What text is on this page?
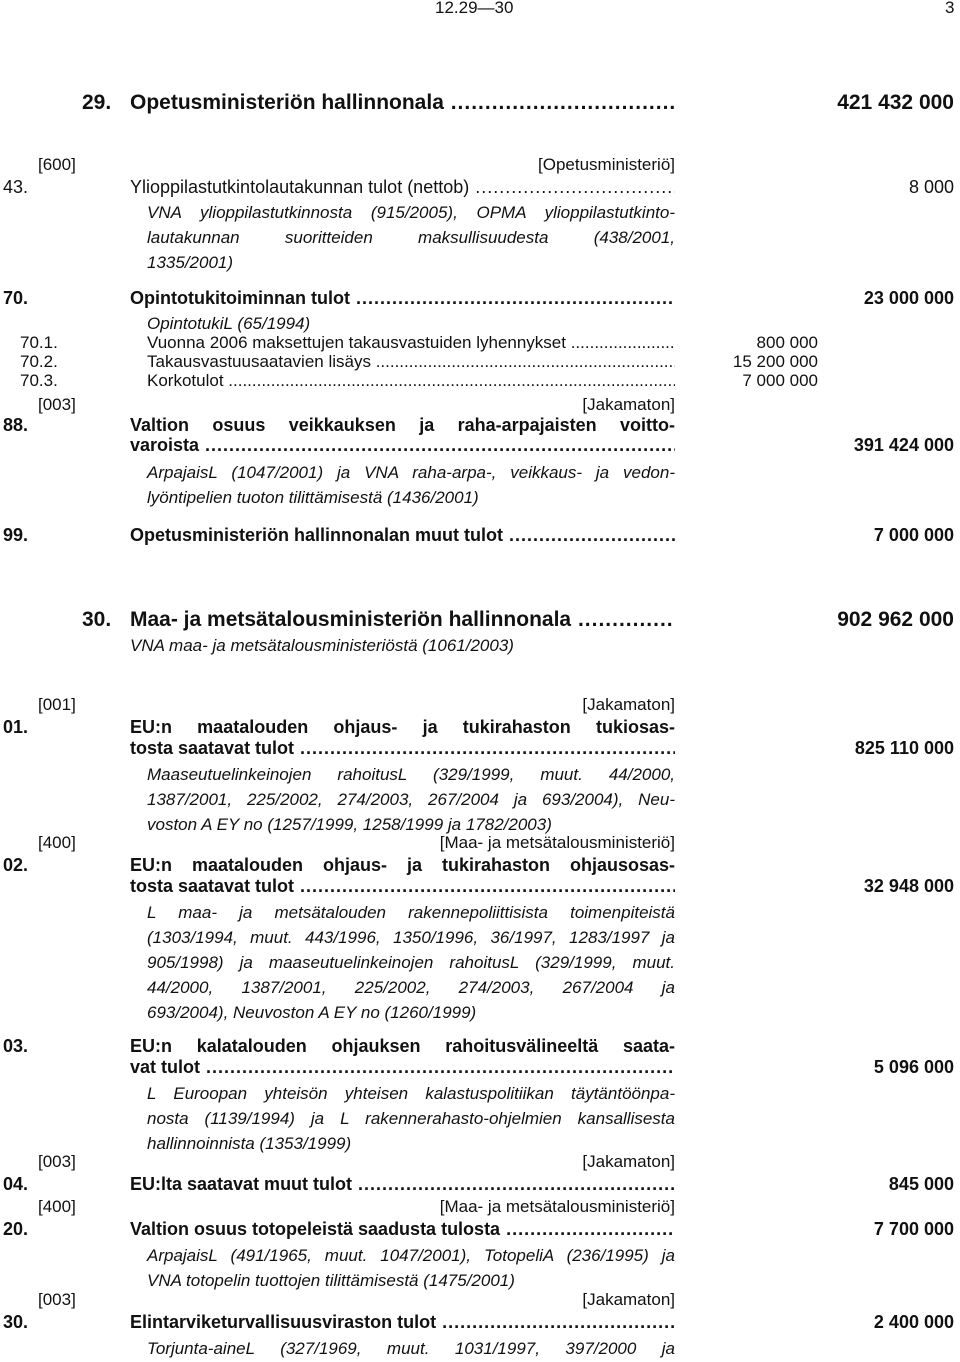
12.29—30	3
29. Opetusministeriön hallinnonala .....	421 432 000
[600]	[Opetusministeriö]
43.	Ylioppilastutkintolautakunnan tulot (nettob) .....	8 000
VNA ylioppilastutkinnosta (915/2005), OPMA ylioppilastutkinto-
lautakunnan suoritteiden maksullisuudesta (438/2001,
1335/2001)
70.	Opintotukitoiminnan tulot .....	23 000 000
OpintotukiL (65/1994)
70.1.	Vuonna 2006 maksettujen takausvastuiden lyhennykset .....	800 000
70.2.	Takausvastuusaatavien lisäys .....	15 200 000
70.3.	Korkotulot .....	7 000 000
[003]	[Jakamaton]
88.	Valtion osuus veikkauksen ja raha-arpajaisten voitto-
varoista .....	391 424 000
ArpajaisL (1047/2001) ja VNA raha-arpa-, veikkaus- ja vedon-
lyöntipelien tuoton tilittämisestä (1436/2001)
99.	Opetusministeriön hallinnonalan muut tulot .....	7 000 000
30. Maa- ja metsätalousministeriön hallinnonala .....	902 962 000
VNA maa- ja metsätalousministeriöstä (1061/2003)
[001]	[Jakamaton]
01.	EU:n maatalouden ohjaus- ja tukirahaston tukiosas-
tosta saatavat tulot .....	825 110 000
Maaseutuelinkeinojen rahoitusL (329/1999, muut. 44/2000,
1387/2001, 225/2002, 274/2003, 267/2004 ja 693/2004), Neu-
voston A EY no (1257/1999, 1258/1999 ja 1782/2003)
[400]	[Maa- ja metsätalousministeriö]
02.	EU:n maatalouden ohjaus- ja tukirahaston ohjausosas-
tosta saatavat tulot .....	32 948 000
L maa- ja metsätalouden rakennepoliittisista toimenpiteistä
(1303/1994, muut. 443/1996, 1350/1996, 36/1997, 1283/1997 ja
905/1998) ja maaseutuelinkeinojen rahoitusL (329/1999, muut.
44/2000, 1387/2001, 225/2002, 274/2003, 267/2004 ja
693/2004), Neuvoston A EY no (1260/1999)
03.	EU:n kalatalouden ohjauksen rahoitusvälineeltä saata-
vat tulot .....	5 096 000
L Euroopan yhteisön yhteisen kalastuspolitiikan täytäntöönpa-
nosta (1139/1994) ja L rakennerahasto-ohjelmien kansallisesta
hallinnoinnista (1353/1999)
[003]	[Jakamaton]
04.	EU:lta saatavat muut tulot .....	845 000
[400]	[Maa- ja metsätalousministeriö]
20.	Valtion osuus totopeleistä saadusta tulosta .....	7 700 000
ArpajaisL (491/1965, muut. 1047/2001), TotopeliA (236/1995) ja
VNA totopelin tuottojen tilittämisestä (1475/2001)
[003]	[Jakamaton]
30.	Elintarviketurvallisuusviraston tulot .....	2 400 000
Torjunta-aineL (327/1969, muut. 1031/1997, 397/2000 ja
